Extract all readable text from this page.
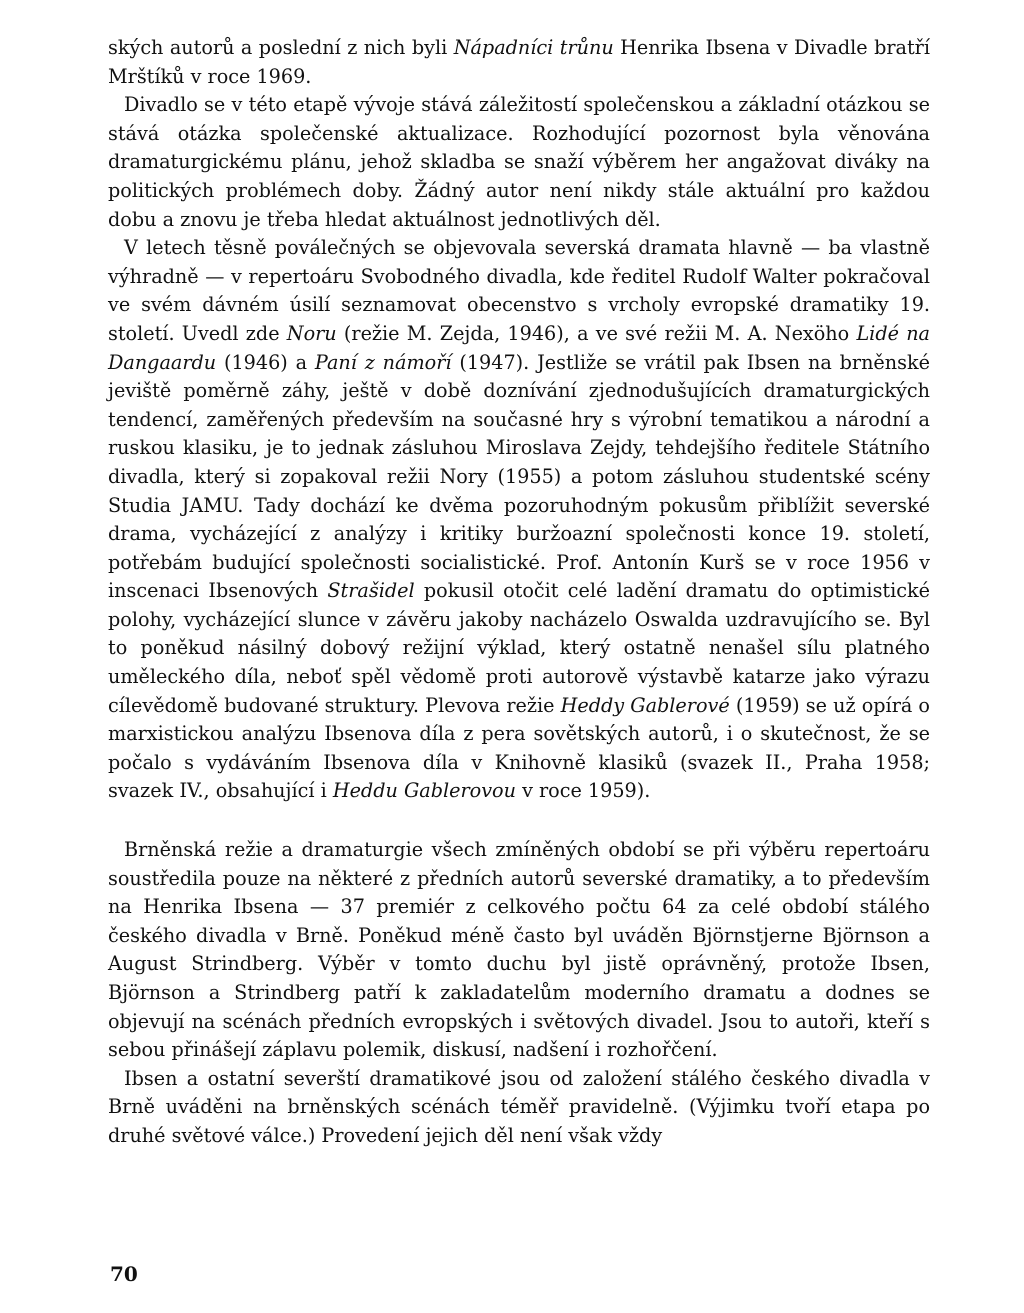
ských autorů a poslední z nich byli Nápadníci trůnu Henrika Ibsena v Divadle bratří Mrštíků v roce 1969.

Divadlo se v této etapě vývoje stává záležitostí společenskou a základní otázkou se stává otázka společenské aktualizace. Rozhodující pozornost byla věnována dramaturgickému plánu, jehož skladba se snaží výběrem her angažovat diváky na politických problémech doby. Žádný autor není nikdy stále aktuální pro každou dobu a znovu je třeba hledat aktuálnost jednotlivých děl.

V letech těsně poválečných se objevovala severská dramata hlavně — ba vlastně výhradně — v repertoáru Svobodného divadla, kde ředitel Rudolf Walter pokračoval ve svém dávném úsilí seznamovat obecenstvo s vrcholy evropské dramatiky 19. století. Uvedl zde Noru (režie M. Zejda, 1946), a ve své režii M. A. Nexöho Lidé na Dangaardu (1946) a Paní z námoří (1947). Jestliže se vrátil pak Ibsen na brněnské jeviště poměrně záhy, ještě v době doznívání zjednodušujících dramaturgických tendencí, zaměřených především na současné hry s výrobní tematikou a národní a ruskou klasiku, je to jednak zásluhou Miroslava Zejdy, tehdejšího ředitele Státního divadla, který si zopakoval režii Nory (1955) a potom zásluhou studentské scény Studia JAMU. Tady dochází ke dvěma pozoruhodným pokusům přiblížit severské drama, vycházející z analýzy i kritiky buržoazní společnosti konce 19. století, potřebám budující společnosti socialistické. Prof. Antonín Kurš se v roce 1956 v inscenaci Ibsenových Strašidel pokusil otočit celé ladění dramatu do optimistické polohy, vycházející slunce v závěru jakoby nacházelo Oswalda uzdravujícího se. Byl to poněkud násilný dobový režijní výklad, který ostatně nenašel sílu platného uměleckého díla, neboť spěl vědomě proti autorově výstavbě katarze jako výrazu cílevědomě budované struktury. Plevova režie Heddy Gablerové (1959) se už opírá o marxistickou analýzu Ibsenova díla z pera sovětských autorů, i o skutečnost, že se počalo s vydáváním Ibsenova díla v Knihovně klasiků (svazek II., Praha 1958; svazek IV., obsahující i Heddu Gablerovou v roce 1959).

Brněnská režie a dramaturgie všech zmíněných období se při výběru repertoáru soustředila pouze na některé z předních autorů severské dramatiky, a to především na Henrika Ibsena — 37 premiér z celkového počtu 64 za celé období stálého českého divadla v Brně. Poněkud méně často byl uváděn Björnstjerne Björnson a August Strindberg. Výběr v tomto duchu byl jistě oprávněný, protože Ibsen, Björnson a Strindberg patří k zakladatelům moderního dramatu a dodnes se objevují na scénách předních evropských i světových divadel. Jsou to autoři, kteří s sebou přinášejí záplavu polemik, diskusí, nadšení i rozhořčení.

Ibsen a ostatní severští dramatikové jsou od založení stálého českého divadla v Brně uváděni na brněnských scénách téměř pravidelně. (Výjimku tvoří etapa po druhé světové válce.) Provedení jejich děl není však vždy

70
